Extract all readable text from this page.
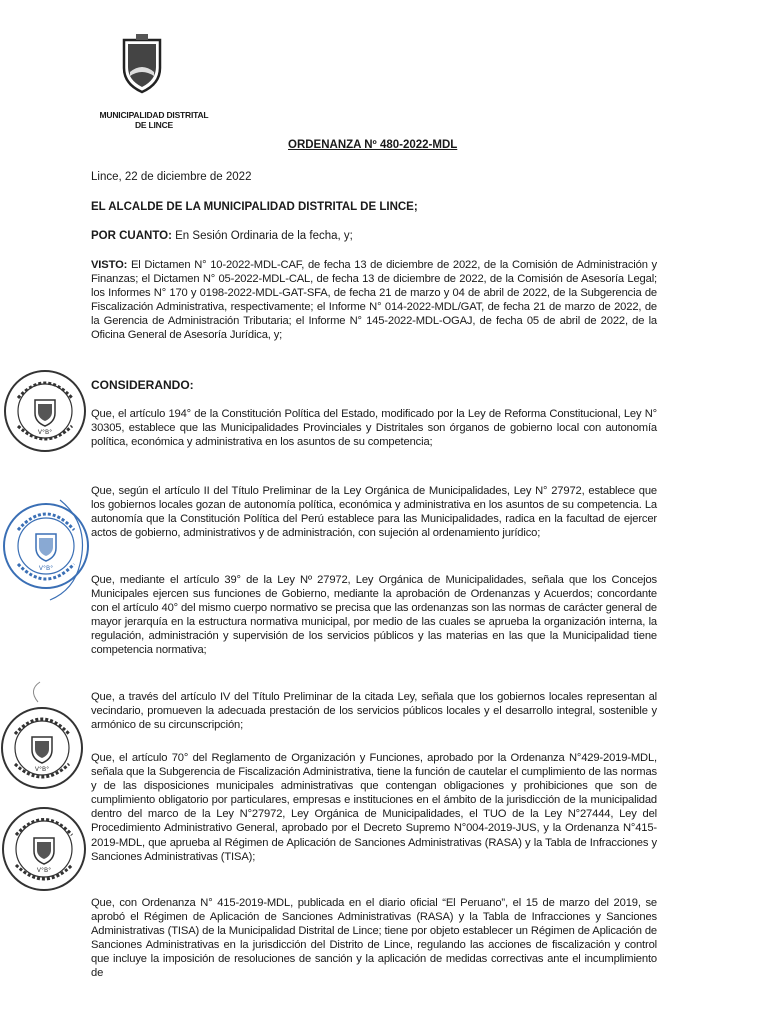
MUNICIPALIDAD DISTRITAL
DE LINCE
ORDENANZA Nº 480-2022-MDL
Lince, 22 de diciembre de 2022
EL ALCALDE DE LA MUNICIPALIDAD DISTRITAL DE LINCE;
POR CUANTO: En Sesión Ordinaria de la fecha, y;
VISTO: El Dictamen N° 10-2022-MDL-CAF, de fecha 13 de diciembre de 2022, de la Comisión de Administración y Finanzas; el Dictamen N° 05-2022-MDL-CAL, de fecha 13 de diciembre de 2022, de la Comisión de Asesoría Legal; los Informes N° 170 y 0198-2022-MDL-GAT-SFA, de fecha 21 de marzo y 04 de abril de 2022, de la Subgerencia de Fiscalización Administrativa, respectivamente; el Informe N° 014-2022-MDL/GAT, de fecha 21 de marzo de 2022, de la Gerencia de Administración Tributaria; el Informe N° 145-2022-MDL-OGAJ, de fecha 05 de abril de 2022, de la Oficina General de Asesoría Jurídica, y;
CONSIDERANDO:
Que, el artículo 194° de la Constitución Política del Estado, modificado por la Ley de Reforma Constitucional, Ley N° 30305, establece que las Municipalidades Provinciales y Distritales son órganos de gobierno local con autonomía política, económica y administrativa en los asuntos de su competencia;
Que, según el artículo II del Título Preliminar de la Ley Orgánica de Municipalidades, Ley N° 27972, establece que los gobiernos locales gozan de autonomía política, económica y administrativa en los asuntos de su competencia. La autonomía que la Constitución Política del Perú establece para las Municipalidades, radica en la facultad de ejercer actos de gobierno, administrativos y de administración, con sujeción al ordenamiento jurídico;
Que, mediante el artículo 39° de la Ley Nº 27972, Ley Orgánica de Municipalidades, señala que los Concejos Municipales ejercen sus funciones de Gobierno, mediante la aprobación de Ordenanzas y Acuerdos; concordante con el artículo 40° del mismo cuerpo normativo se precisa que las ordenanzas son las normas de carácter general de mayor jerarquía en la estructura normativa municipal, por medio de las cuales se aprueba la organización interna, la regulación, administración y supervisión de los servicios públicos y las materias en las que la Municipalidad tiene competencia normativa;
Que, a través del artículo IV del Título Preliminar de la citada Ley, señala que los gobiernos locales representan al vecindario, promueven la adecuada prestación de los servicios públicos locales y el desarrollo integral, sostenible y armónico de su circunscripción;
Que, el artículo 70° del Reglamento de Organización y Funciones, aprobado por la Ordenanza N°429-2019-MDL, señala que la Subgerencia de Fiscalización Administrativa, tiene la función de cautelar el cumplimiento de las normas y de las disposiciones municipales administrativas que contengan obligaciones y prohibiciones que son de cumplimiento obligatorio por particulares, empresas e instituciones en el ámbito de la jurisdicción de la municipalidad dentro del marco de la Ley N°27972, Ley Orgánica de Municipalidades, el TUO de la Ley N°27444, Ley del Procedimiento Administrativo General, aprobado por el Decreto Supremo N°004-2019-JUS, y la Ordenanza N°415-2019-MDL, que aprueba al Régimen de Aplicación de Sanciones Administrativas (RASA) y la Tabla de Infracciones y Sanciones Administrativas (TISA);
Que, con Ordenanza N° 415-2019-MDL, publicada en el diario oficial “El Peruano”, el 15 de marzo del 2019, se aprobó el Régimen de Aplicación de Sanciones Administrativas (RASA) y la Tabla de Infracciones y Sanciones Administrativas (TISA) de la Municipalidad Distrital de Lince; tiene por objeto establecer un Régimen de Aplicación de Sanciones Administrativas en la jurisdicción del Distrito de Lince, regulando las acciones de fiscalización y control que incluye la imposición de resoluciones de sanción y la aplicación de medidas correctivas ante el incumplimiento de
V°B°
V°B°
V°B°
V°B°
